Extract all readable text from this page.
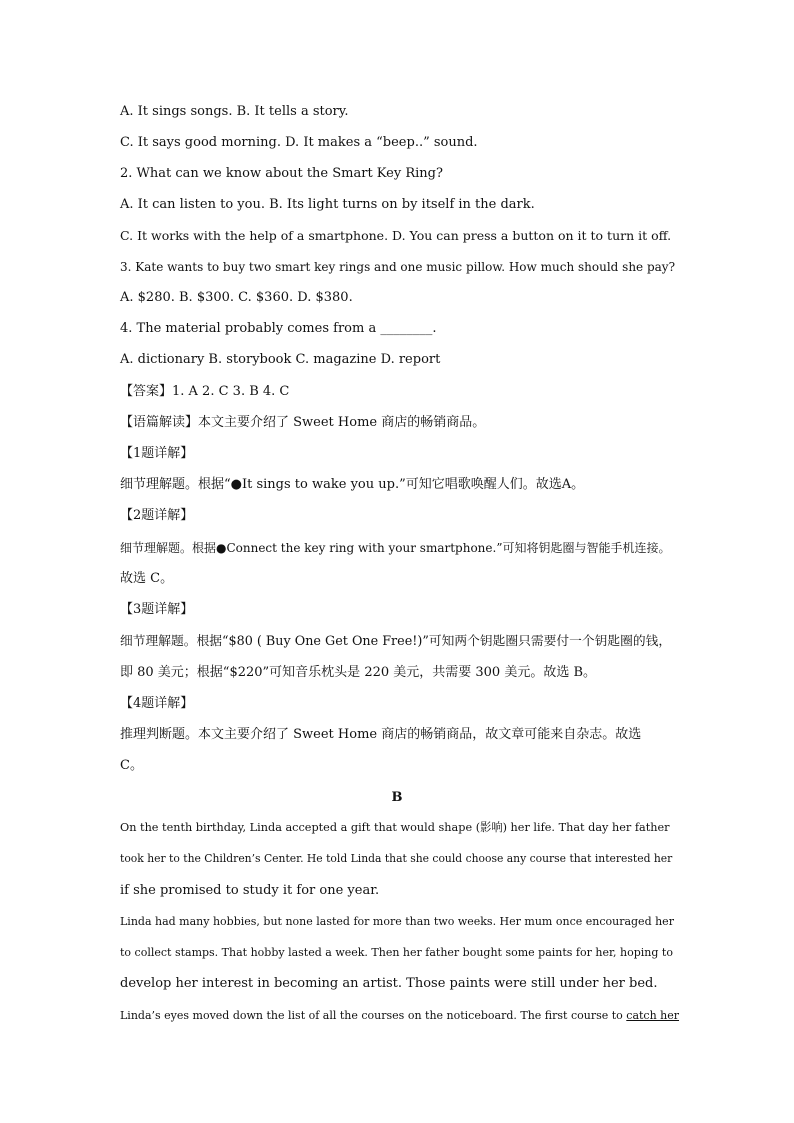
A. It sings songs. B. It tells a story.
C. It says good morning. D. It makes a “beep..” sound.
2. What can we know about the Smart Key Ring?
A. It can listen to you. B. Its light turns on by itself in the dark.
C. It works with the help of a smartphone. D. You can press a button on it to turn it off.
3. Kate wants to buy two smart key rings and one music pillow. How much should she pay?
A. $280. B. $300. C. $360. D. $380.
4. The material probably comes from a ________.
A. dictionary B. storybook C. magazine D. report
【答案】1. A 2. C 3. B 4. C
【语篇解读】本文主要介绍了 Sweet Home 商店的畅销商品。
【1题详解】
细节理解题。根据“●It sings to wake you up.”可知它唱歌唤醒人们。故选A。
【2题详解】
细节理解题。根据●Connect the key ring with your smartphone.”可知将钥匙圈与智能手机连接。
故选 C。
【3题详解】
细节理解题。根据“$80 ( Buy One Get One Free!)”可知两个钥匙圈只需要付一个钥匙圈的钱，
即 80 美元；根据“$220”可知音乐枕头是 220 美元，共需要 300 美元。故选 B。
【4题详解】
推理判断题。本文主要介绍了 Sweet Home 商店的畅销商品，故文章可能来自杂志。故选
C。
B
On the tenth birthday, Linda accepted a gift that would shape (影响) her life. That day her father
took her to the Children’s Center. He told Linda that she could choose any course that interested her
if she promised to study it for one year.
Linda had many hobbies, but none lasted for more than two weeks. Her mum once encouraged her
to collect stamps. That hobby lasted a week. Then her father bought some paints for her, hoping to
develop her interest in becoming an artist. Those paints were still under her bed.
Linda’s eyes moved down the list of all the courses on the noticeboard. The first course to catch her
